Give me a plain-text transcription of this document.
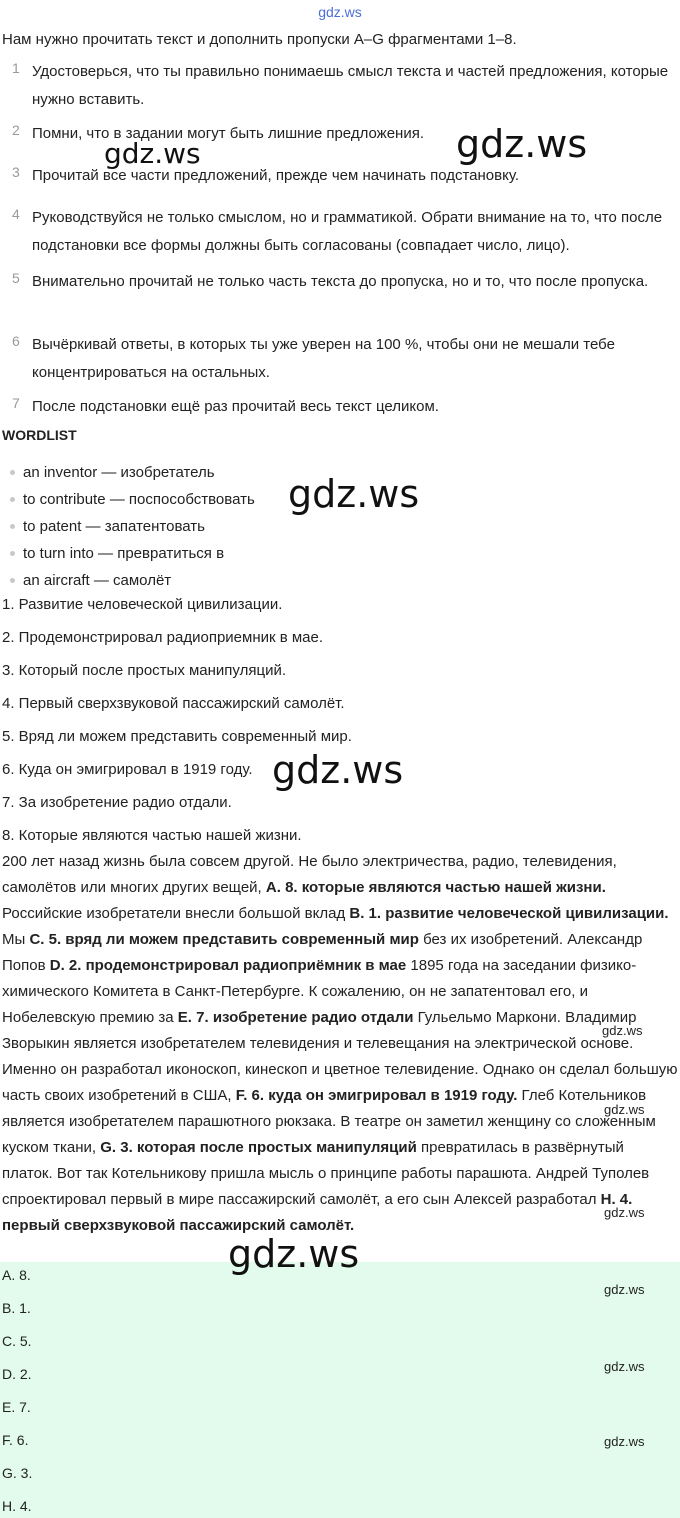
gdz.ws
Нам нужно прочитать текст и дополнить пропуски A–G фрагментами 1–8.
1 Удостоверься, что ты правильно понимаешь смысл текста и частей предложения, которые нужно вставить.
2 Помни, что в задании могут быть лишние предложения.
3 Прочитай все части предложений, прежде чем начинать подстановку.
4 Руководствуйся не только смыслом, но и грамматикой. Обрати внимание на то, что после подстановки все формы должны быть согласованы (совпадает число, лицо).
5 Внимательно прочитай не только часть текста до пропуска, но и то, что после пропуска.
6 Вычёркивай ответы, в которых ты уже уверен на 100 %, чтобы они не мешали тебе концентрироваться на остальных.
7 После подстановки ещё раз прочитай весь текст целиком.
WORDLIST
an inventor — изобретатель
to contribute — поспособствовать
to patent — запатентовать
to turn into — превратиться в
an aircraft — самолёт
1. Развитие человеческой цивилизации.
2. Продемонстрировал радиоприемник в мае.
3. Который после простых манипуляций.
4. Первый сверхзвуковой пассажирский самолёт.
5. Вряд ли можем представить современный мир.
6. Куда он эмигрировал в 1919 году.
7. За изобретение радио отдали.
8. Которые являются частью нашей жизни.
200 лет назад жизнь была совсем другой. Не было электричества, радио, телевидения, самолётов или многих других вещей, A. 8. которые являются частью нашей жизни. Российские изобретатели внесли большой вклад B. 1. развитие человеческой цивилизации. Мы C. 5. вряд ли можем представить современный мир без их изобретений. Александр Попов D. 2. продемонстрировал радиоприёмник в мае 1895 года на заседании физико-химического Комитета в Санкт-Петербурге. К сожалению, он не запатентовал его, и Нобелевскую премию за E. 7. изобретение радио отдали Гульельмо Маркони. Владимир Зворыкин является изобретателем телевидения и телевещания на электрической основе. Именно он разработал иконоскоп, кинескоп и цветное телевидение. Однако он сделал большую часть своих изобретений в США, F. 6. куда он эмигрировал в 1919 году. Глеб Котельников является изобретателем парашютного рюкзака. В театре он заметил женщину со сложенным куском ткани, G. 3. которая после простых манипуляций превратилась в развёрнутый платок. Вот так Котельникову пришла мысль о принципе работы парашюта. Андрей Туполев спроектировал первый в мире пассажирский самолёт, а его сын Алексей разработал H. 4. первый сверхзвуковой пассажирский самолёт.
A. 8.
B. 1.
C. 5.
D. 2.
E. 7.
F. 6.
G. 3.
H. 4.
gdz.ws	gdz.ws
gdz.ws
gdz.ws
gdz.ws
gdz.ws
gdz.ws
gdz.ws
gdz.ws
gdz.ws
gdz.ws
